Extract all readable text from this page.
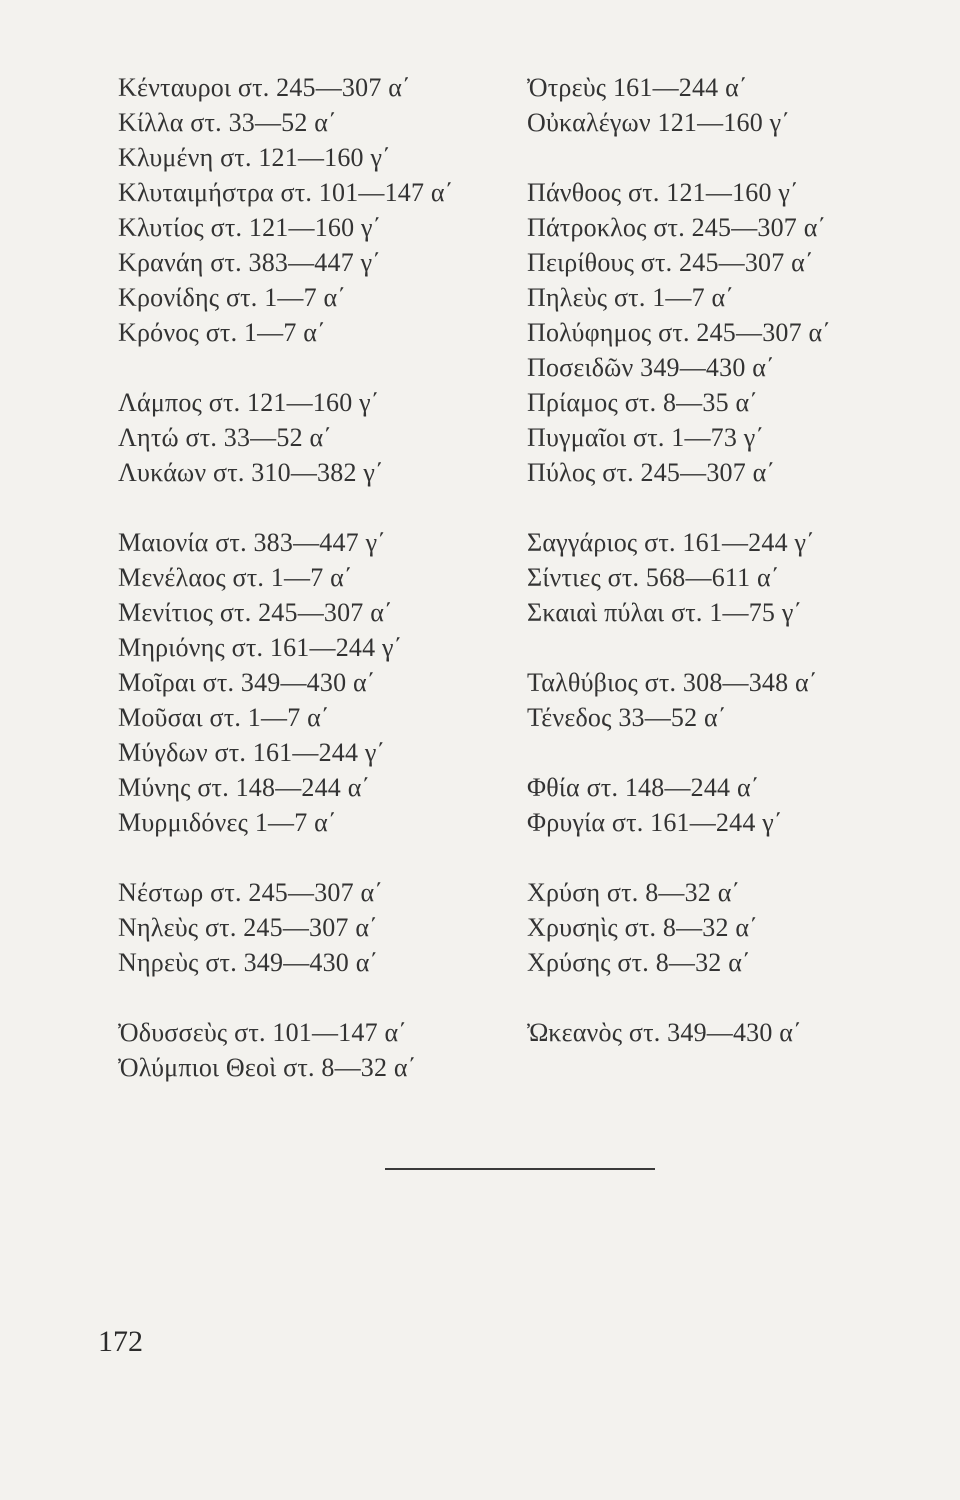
Κένταυροι στ. 245—307 α΄
Κίλλα στ. 33—52 α΄
Κλυμένη στ. 121—160 γ΄
Κλυταιμήστρα στ. 101—147 α΄
Κλυτίος στ. 121—160 γ΄
Κρανάη στ. 383—447 γ΄
Κρονίδης στ. 1—7 α΄
Κρόνος στ. 1—7 α΄
Λάμπος στ. 121—160 γ΄
Λητώ στ. 33—52 α΄
Λυκάων στ. 310—382 γ΄
Μαιονία στ. 383—447 γ΄
Μενέλαος στ. 1—7 α΄
Μενίτιος στ. 245—307 α΄
Μηριόνης στ. 161—244 γ΄
Μοῖραι στ. 349—430 α΄
Μοῦσαι στ. 1—7 α΄
Μύγδων στ. 161—244 γ΄
Μύνης στ. 148—244 α΄
Μυρμιδόνες 1—7 α΄
Νέστωρ στ. 245—307 α΄
Νηλεὺς στ. 245—307 α΄
Νηρεὺς στ. 349—430 α΄
Ὀδυσσεὺς στ. 101—147 α΄
Ὀλύμπιοι Θεοὶ στ. 8—32 α΄
Ὀτρεὺς 161—244 α΄
Οὐκαλέγων 121—160 γ΄
Πάνθοος στ. 121—160 γ΄
Πάτροκλος στ. 245—307 α΄
Πειρίθους στ. 245—307 α΄
Πηλεὺς στ. 1—7 α΄
Πολύφημος στ. 245—307 α΄
Ποσειδῶν 349—430 α΄
Πρίαμος στ. 8—35 α΄
Πυγμαῖοι στ. 1—73 γ΄
Πύλος στ. 245—307 α΄
Σαγγάριος στ. 161—244 γ΄
Σίντιες στ. 568—611 α΄
Σκαιαὶ πύλαι στ. 1—75 γ΄
Ταλθύβιος στ. 308—348 α΄
Τένεδος 33—52 α΄
Φθία στ. 148—244 α΄
Φρυγία στ. 161—244 γ΄
Χρύση στ. 8—32 α΄
Χρυσηὶς στ. 8—32 α΄
Χρύσης στ. 8—32 α΄
Ὠκεανὸς στ. 349—430 α΄
172
